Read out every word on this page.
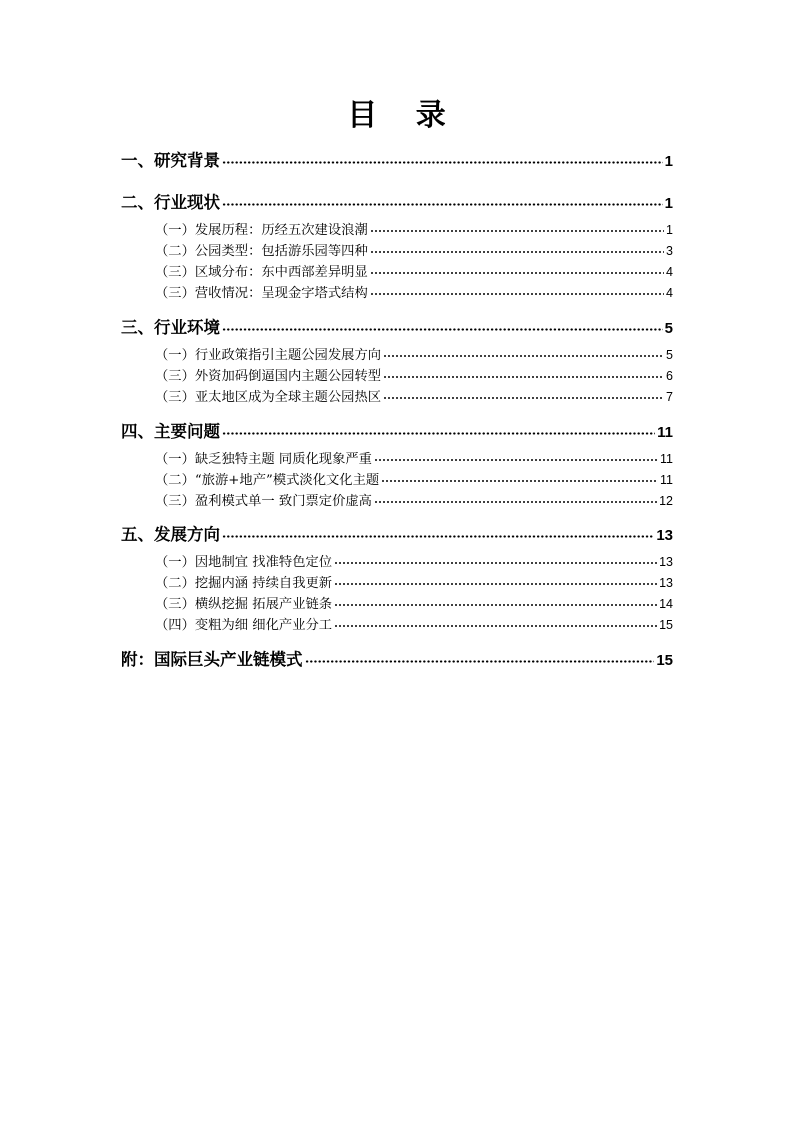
目 录
一、研究背景	1
二、行业现状	1
（一）发展历程：历经五次建设浪潮	1
（二）公园类型：包括游乐园等四种	3
（三）区域分布：东中西部差异明显	4
（三）营收情况：呈现金字塔式结构	4
三、行业环境	5
（一）行业政策指引主题公园发展方向	5
（三）外资加码倒逼国内主题公园转型	6
（三）亚太地区成为全球主题公园热区	7
四、主要问题	11
（一）缺乏独特主题 同质化现象严重	11
（二）“旅游+地产”模式淡化文化主题	11
（三）盈利模式单一 致门票定价虚高	12
五、发展方向	13
（一）因地制宜 找准特色定位	13
（二）挖掘内涵 持续自我更新	13
（三）横纵挖掘 拓展产业链条	14
（四）变粗为细 细化产业分工	15
附：国际巨头产业链模式	15
